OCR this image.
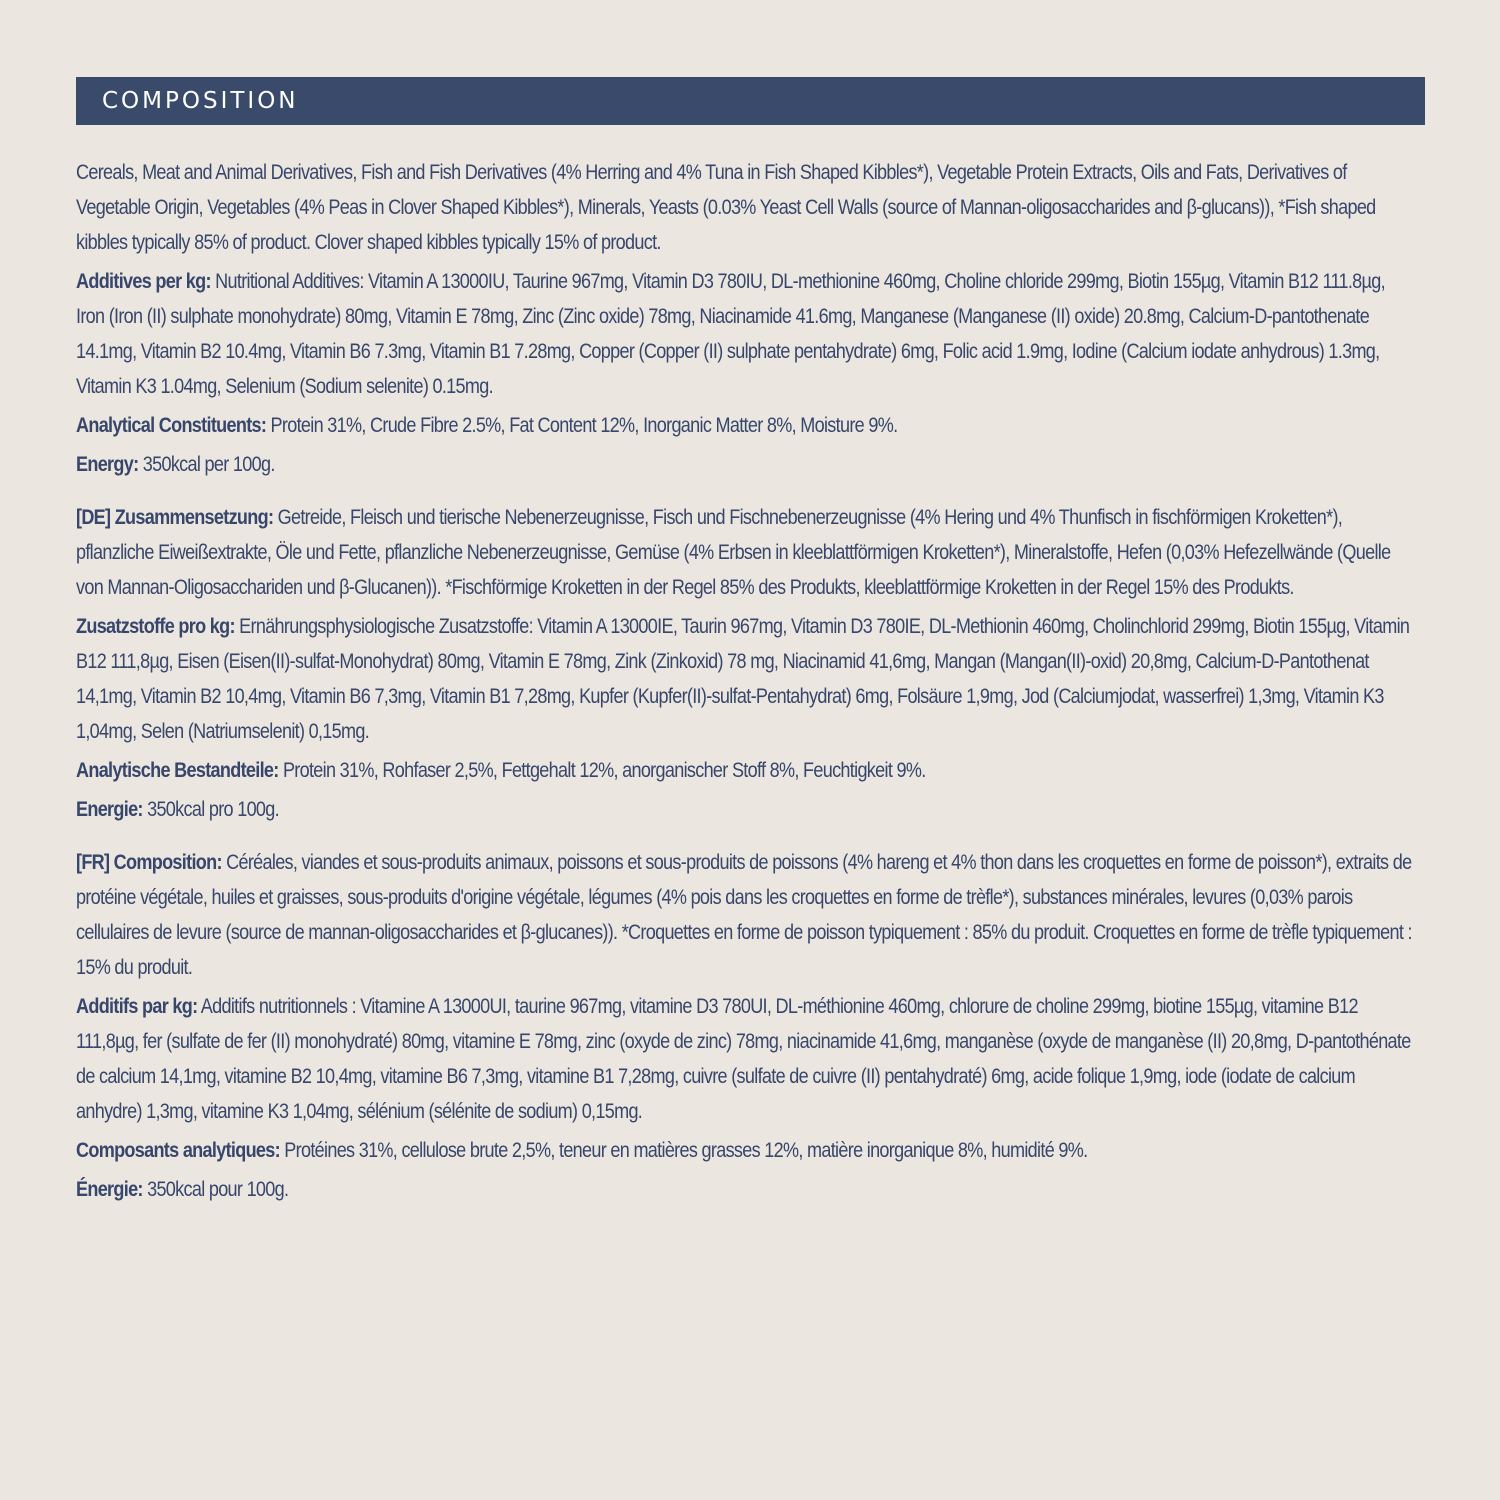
COMPOSITION

Cereals, Meat and Animal Derivatives, Fish and Fish Derivatives (4% Herring and 4% Tuna in Fish Shaped Kibbles*), Vegetable Protein Extracts, Oils and Fats, Derivatives of Vegetable Origin, Vegetables (4% Peas in Clover Shaped Kibbles*), Minerals, Yeasts (0.03% Yeast Cell Walls (source of Mannan-oligosaccharides and β-glucans)), *Fish shaped kibbles typically 85% of product. Clover shaped kibbles typically 15% of product.

Additives per kg: Nutritional Additives: Vitamin A 13000IU, Taurine 967mg, Vitamin D3 780IU, DL-methionine 460mg, Choline chloride 299mg, Biotin 155µg, Vitamin B12 111.8µg, Iron (Iron (II) sulphate monohydrate) 80mg, Vitamin E 78mg, Zinc (Zinc oxide) 78mg, Niacinamide 41.6mg, Manganese (Manganese (II) oxide) 20.8mg, Calcium-D-pantothenate 14.1mg, Vitamin B2 10.4mg, Vitamin B6 7.3mg, Vitamin B1 7.28mg, Copper (Copper (II) sulphate pentahydrate) 6mg, Folic acid 1.9mg, Iodine (Calcium iodate anhydrous) 1.3mg, Vitamin K3 1.04mg, Selenium (Sodium selenite) 0.15mg.

Analytical Constituents: Protein 31%, Crude Fibre 2.5%, Fat Content 12%, Inorganic Matter 8%, Moisture 9%.

Energy: 350kcal per 100g.

[DE] Zusammensetzung: Getreide, Fleisch und tierische Nebenerzeugnisse, Fisch und Fischnebenerzeugnisse (4% Hering und 4% Thunfisch in fischförmigen Kroketten*), pflanzliche Eiweißextrakte, Öle und Fette, pflanzliche Nebenerzeugnisse, Gemüse (4% Erbsen in kleeblattförmigen Kroketten*), Mineralstoffe, Hefen (0,03% Hefezellwände (Quelle von Mannan-Oligosacchariden und β-Glucanen)). *Fischförmige Kroketten in der Regel 85% des Produkts, kleeblattförmige Kroketten in der Regel 15% des Produkts.

Zusatzstoffe pro kg: Ernährungsphysiologische Zusatzstoffe: Vitamin A 13000IE, Taurin 967mg, Vitamin D3 780IE, DL-Methionin 460mg, Cholinchlorid 299mg, Biotin 155µg, Vitamin B12 111,8µg, Eisen (Eisen(II)-sulfat-Monohydrat) 80mg, Vitamin E 78mg, Zink (Zinkoxid) 78 mg, Niacinamid 41,6mg, Mangan (Mangan(II)-oxid) 20,8mg, Calcium-D-Pantothenat 14,1mg, Vitamin B2 10,4mg, Vitamin B6 7,3mg, Vitamin B1 7,28mg, Kupfer (Kupfer(II)-sulfat-Pentahydrat) 6mg, Folsäure 1,9mg, Jod (Calciumjodat, wasserfrei) 1,3mg, Vitamin K3 1,04mg, Selen (Natriumselenit) 0,15mg.

Analytische Bestandteile: Protein 31%, Rohfaser 2,5%, Fettgehalt 12%, anorganischer Stoff 8%, Feuchtigkeit 9%.

Energie: 350kcal pro 100g.

[FR] Composition: Céréales, viandes et sous-produits animaux, poissons et sous-produits de poissons (4% hareng et 4% thon dans les croquettes en forme de poisson*), extraits de protéine végétale, huiles et graisses, sous-produits d'origine végétale, légumes (4% pois dans les croquettes en forme de trèfle*), substances minérales, levures (0,03% parois cellulaires de levure (source de mannan-oligosaccharides et β-glucanes)). *Croquettes en forme de poisson typiquement : 85% du produit. Croquettes en forme de trèfle typiquement : 15% du produit.

Additifs par kg: Additifs nutritionnels : Vitamine A 13000UI, taurine 967mg, vitamine D3 780UI, DL-méthionine 460mg, chlorure de choline 299mg, biotine 155µg, vitamine B12 111,8µg, fer (sulfate de fer (II) monohydraté) 80mg, vitamine E 78mg, zinc (oxyde de zinc) 78mg, niacinamide 41,6mg, manganèse (oxyde de manganèse (II) 20,8mg, D-pantothénate de calcium 14,1mg, vitamine B2 10,4mg, vitamine B6 7,3mg, vitamine B1 7,28mg, cuivre (sulfate de cuivre (II) pentahydraté) 6mg, acide folique 1,9mg, iode (iodate de calcium anhydre) 1,3mg, vitamine K3 1,04mg, sélénium (sélénite de sodium) 0,15mg.

Composants analytiques: Protéines 31%, cellulose brute 2,5%, teneur en matières grasses 12%, matière inorganique 8%, humidité 9%.

Énergie: 350kcal pour 100g.
